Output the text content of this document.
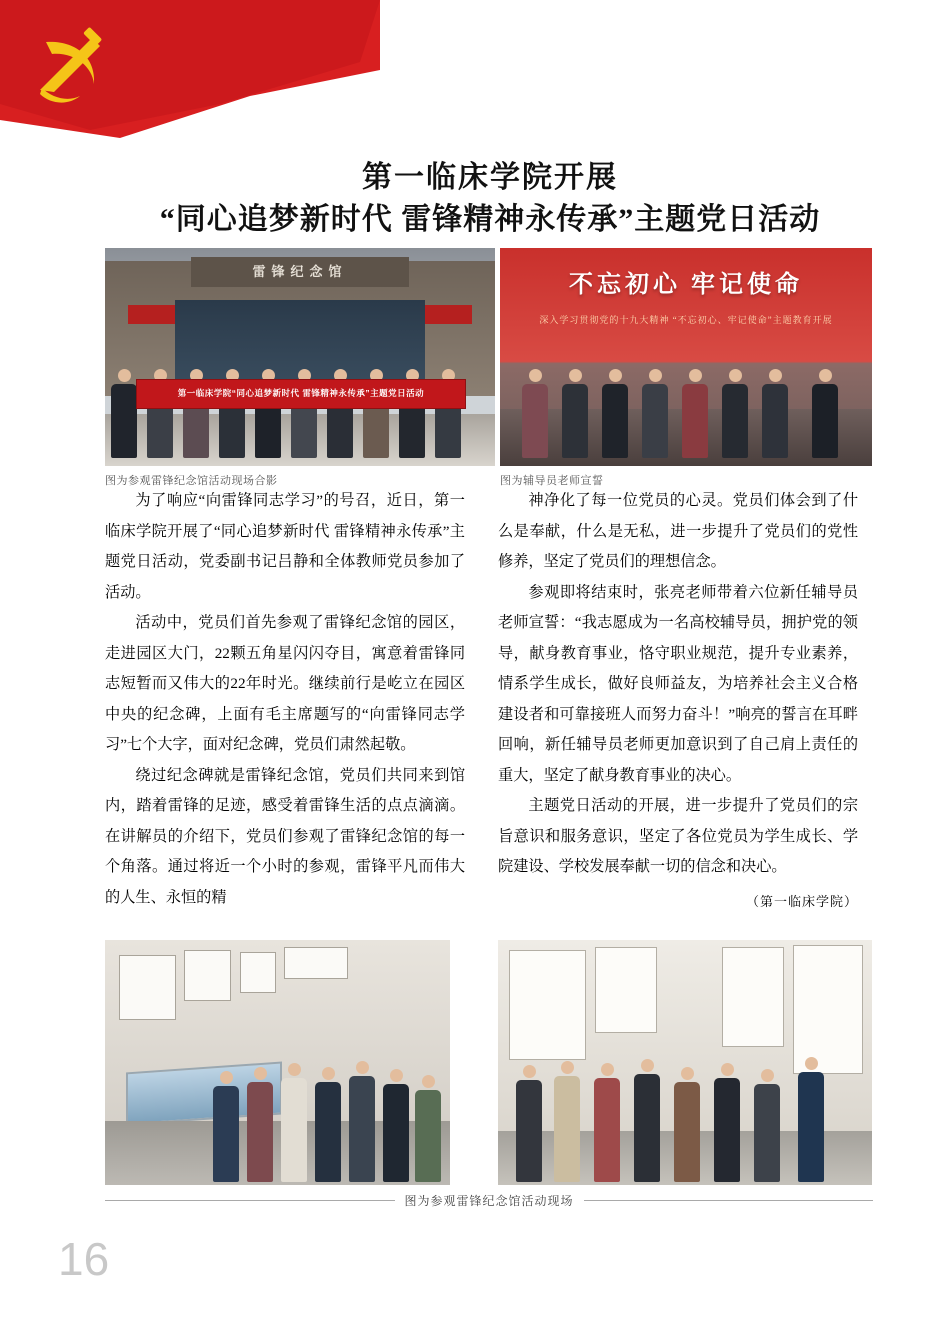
第一临床学院开展
“同心追梦新时代 雷锋精神永传承”主题党日活动
雷锋纪念馆
第一临床学院“同心追梦新时代 雷锋精神永传承”主题党日活动
图为参观雷锋纪念馆活动现场合影
不忘初心 牢记使命
深入学习贯彻党的十九大精神 “不忘初心、牢记使命”主题教育开展
图为辅导员老师宣誓

为了响应“向雷锋同志学习”的号召，近日，第一临床学院开展了“同心追梦新时代 雷锋精神永传承”主题党日活动，党委副书记吕静和全体教师党员参加了活动。

活动中，党员们首先参观了雷锋纪念馆的园区，走进园区大门，22颗五角星闪闪夺目，寓意着雷锋同志短暂而又伟大的22年时光。继续前行是屹立在园区中央的纪念碑，上面有毛主席题写的“向雷锋同志学习”七个大字，面对纪念碑，党员们肃然起敬。

绕过纪念碑就是雷锋纪念馆，党员们共同来到馆内，踏着雷锋的足迹，感受着雷锋生活的点点滴滴。在讲解员的介绍下，党员们参观了雷锋纪念馆的每一个角落。通过将近一个小时的参观，雷锋平凡而伟大的人生、永恒的精

神净化了每一位党员的心灵。党员们体会到了什么是奉献，什么是无私，进一步提升了党员们的党性修养，坚定了党员们的理想信念。

参观即将结束时，张亮老师带着六位新任辅导员老师宣誓：“我志愿成为一名高校辅导员，拥护党的领导，献身教育事业，恪守职业规范，提升专业素养，情系学生成长，做好良师益友，为培养社会主义合格建设者和可靠接班人而努力奋斗！”响亮的誓言在耳畔回响，新任辅导员老师更加意识到了自己肩上责任的重大，坚定了献身教育事业的决心。

主题党日活动的开展，进一步提升了党员们的宗旨意识和服务意识，坚定了各位党员为学生成长、学院建设、学校发展奉献一切的信念和决心。

（第一临床学院）
图为参观雷锋纪念馆活动现场
16
